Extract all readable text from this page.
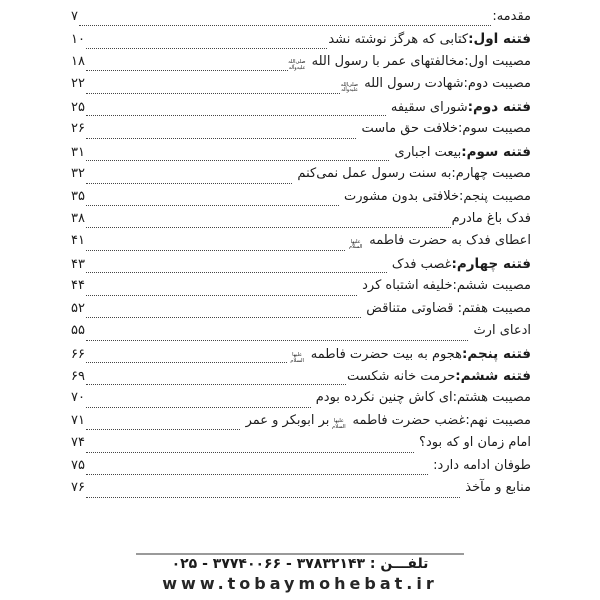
مقدمه:
۷
فتنه اول:کتابی که هرگز نوشته نشد
۱۰
مصیبت اول:مخالفتهای عمر با رسول الله صلی‌الله علیه‌وآله
۱۸
مصیبت دوم:شهادت رسول الله صلی‌الله علیه‌وآله
۲۲
فتنه دوم:شورای سقیفه
۲۵
مصیبت سوم:خلافت حق ماست
۲۶
فتنه سوم:بیعت اجباری
۳۱
مصیبت چهارم:به سنت رسول عمل نمی‌کنم
۳۲
مصیبت پنجم:خلافتی بدون مشورت
۳۵
فدک باغ مادرم
۳۸
اعطای فدک به حضرت فاطمه علیها السلام
۴۱
فتنه چهارم:غصب فدک
۴۳
مصیبت ششم:خلیفه اشتباه کرد
۴۴
مصیبت هفتم: قضاوتی متناقض
۵۲
ادعای ارث
۵۵
فتنه پنجم:هجوم به بیت حضرت فاطمه علیها السلام
۶۶
فتنه ششم:حرمت خانه شکست
۶۹
مصیبت هشتم:ای کاش چنین نکرده بودم
۷۰
مصیبت نهم:غضب حضرت فاطمه علیها السلامبر ابوبکر و عمر
۷۱
امام زمان او که بود؟
۷۴
طوفان ادامه دارد:
۷۵
منابع و مآخذ
۷۶
تلفـــن : ۳۷۸۳۲۱۴۳ - ۳۷۷۴۰۰۶۶ - ۰۲۵
www.tobaymohebat.ir
